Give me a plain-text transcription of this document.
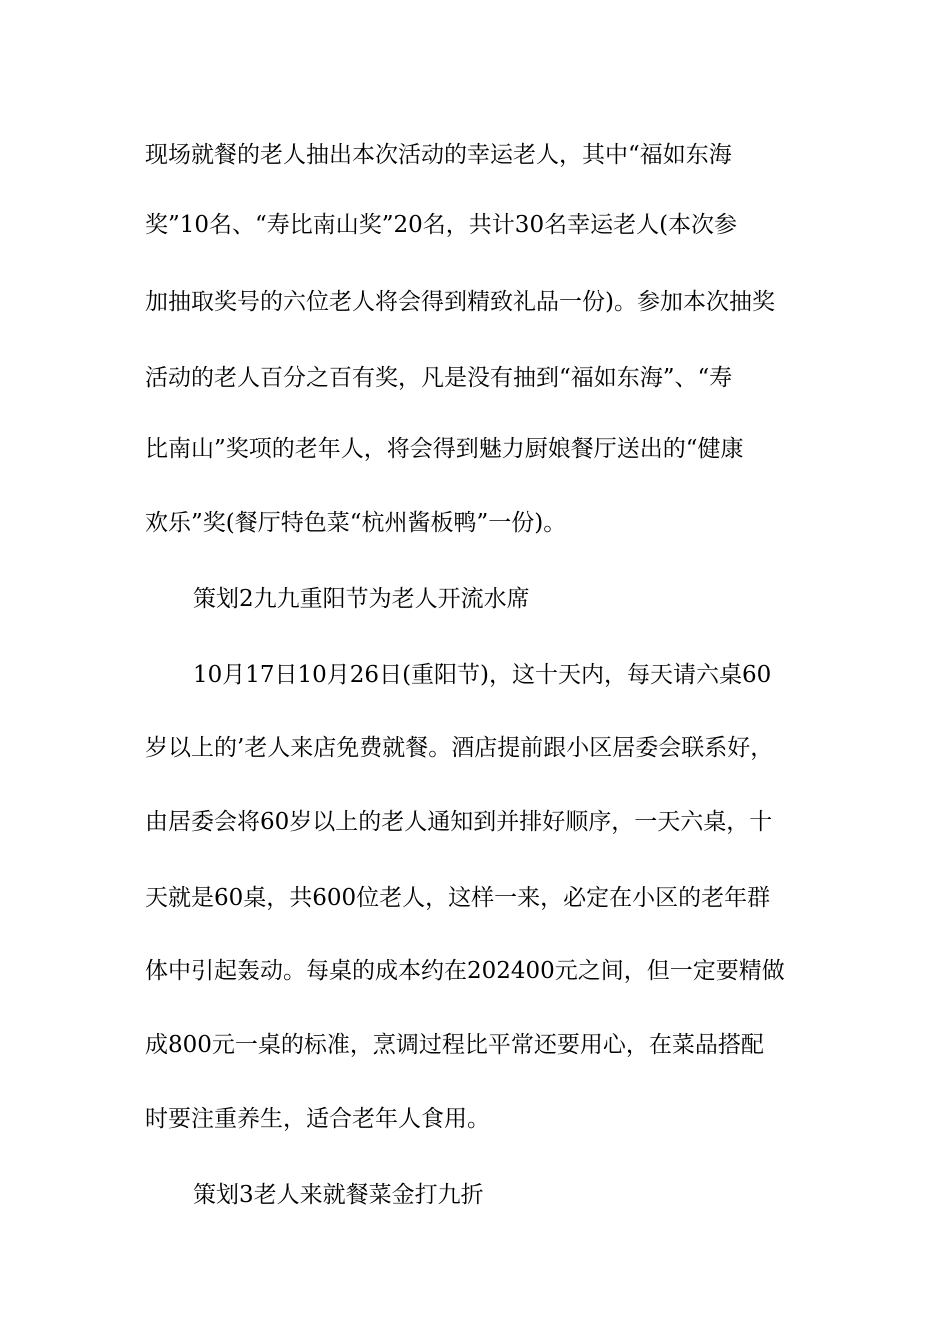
现场就餐的老人抽出本次活动的幸运老人，其中“福如东海
奖”10名、“寿比南山奖”20名，共计30名幸运老人(本次参
加抽取奖号的六位老人将会得到精致礼品一份)。参加本次抽奖
活动的老人百分之百有奖，凡是没有抽到“福如东海”、“寿
比南山”奖项的老年人，将会得到魅力厨娘餐厅送出的“健康
欢乐”奖(餐厅特色菜“杭州酱板鸭”一份)。
策划2九九重阳节为老人开流水席
10月17日10月26日(重阳节)，这十天内，每天请六桌60
岁以上的’老人来店免费就餐。酒店提前跟小区居委会联系好，
由居委会将60岁以上的老人通知到并排好顺序，一天六桌，十
天就是60桌，共600位老人，这样一来，必定在小区的老年群
体中引起轰动。每桌的成本约在202400元之间，但一定要精做
成800元一桌的标准，烹调过程比平常还要用心，在菜品搭配
时要注重养生，适合老年人食用。
策划3老人来就餐菜金打九折
